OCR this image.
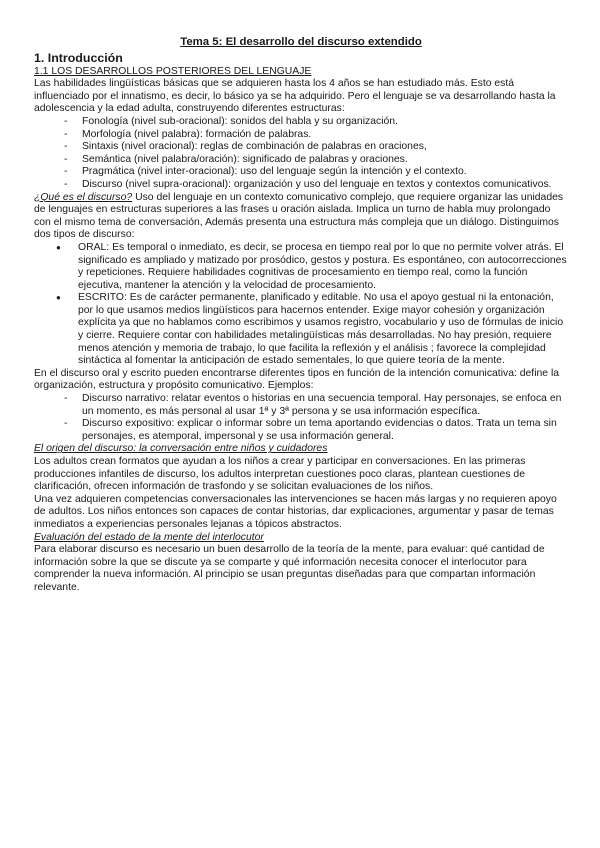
Tema 5: El desarrollo del discurso extendido
1. Introducción
1.1 LOS DESARROLLOS POSTERIORES DEL LENGUAJE

Las habilidades lingüísticas básicas que se adquieren hasta los 4 años se han estudiado más. Esto está influenciado por el innatismo, es decir, lo básico ya se ha adquirido. Pero el lenguaje se va desarrollando hasta la adolescencia y la edad adulta, construyendo diferentes estructuras:

- Fonología (nivel sub-oracional): sonidos del habla y su organización.
- Morfología (nivel palabra): formación de palabras.
- Sintaxis (nivel oracional): reglas de combinación de palabras en oraciones,
- Semántica (nivel palabra/oración): significado de palabras y oraciones.
- Pragmática (nivel inter-oracional): uso del lenguaje según la intención y el contexto.
- Discurso (nivel supra-oracional): organización y uso del lenguaje en textos y contextos comunicativos.

¿Qué es el discurso? Uso del lenguaje en un contexto comunicativo complejo, que requiere organizar las unidades de lenguajes en estructuras superiores a las frases u oración aislada. Implica un turno de habla muy prolongado con el mismo tema de conversación, Además presenta una estructura más compleja que un diálogo. Distinguimos dos tipos de discurso:

● ORAL: Es temporal o inmediato, es decir, se procesa en tiempo real por lo que no permite volver atrás. El significado es ampliado y matizado por prosódico, gestos y postura. Es espontáneo, con autocorrecciones y repeticiones. Requiere habilidades cognitivas de procesamiento en tiempo real, como la función ejecutiva, mantener la atención y la velocidad de procesamiento.
● ESCRITO: Es de carácter permanente, planificado y editable. No usa el apoyo gestual ni la entonación, por lo que usamos medios lingüísticos para hacernos entender. Exige mayor cohesión y organización explícita ya que no hablamos como escribimos y usamos registro, vocabulario y uso de fórmulas de inicio y cierre. Requiere contar con habilidades metalingüísticas más desarrolladas. No hay presión, requiere menos atención y memoria de trabajo, lo que facilita la reflexión y el análisis ; favorece la complejidad sintáctica al fomentar la anticipación de estado sementales, lo que quiere teoría de la mente.

En el discurso oral y escrito pueden encontrarse diferentes tipos en función de la intención comunicativa: define la organización, estructura y propósito comunicativo. Ejemplos:

- Discurso narrativo: relatar eventos o historias en una secuencia temporal. Hay personajes, se enfoca en un momento, es más personal al usar 1ª y 3ª persona y se usa información específica.
- Discurso expositivo: explicar o informar sobre un tema aportando evidencias o datos. Trata un tema sin personajes, es atemporal, impersonal y se usa información general.
El origen del discurso: la conversación entre niños y cuidadores

Los adultos crean formatos que ayudan a los niños a crear y participar en conversaciones. En las primeras producciones infantiles de discurso, los adultos interpretan cuestiones poco claras, plantean cuestiones de clarificación, ofrecen información de trasfondo y se solicitan evaluaciones de los niños.

Una vez adquieren competencias conversacionales las intervenciones se hacen más largas y no requieren apoyo de adultos. Los niños entonces son capaces de contar historias, dar explicaciones, argumentar y pasar de temas inmediatos a experiencias personales lejanas a tópicos abstractos.

Evaluación del estado de la mente del interlocutor

Para elaborar discurso es necesario un buen desarrollo de la teoría de la mente, para evaluar: qué cantidad de información sobre la que se discute ya se comparte y qué información necesita conocer el interlocutor para comprender la nueva información. Al principio se usan preguntas diseñadas para que compartan información relevante.
